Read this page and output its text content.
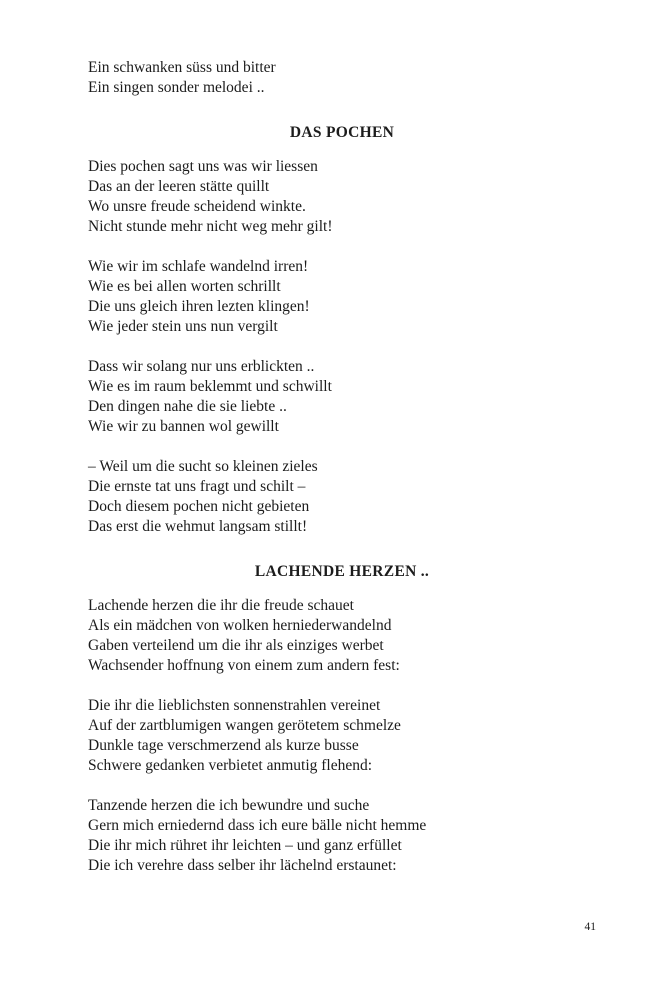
Ein schwanken süss und bitter

Ein singen sonder melodei ..

DAS POCHEN

Dies pochen sagt uns was wir liessen

Das an der leeren stätte quillt

Wo unsre freude scheidend winkte.

Nicht stunde mehr nicht weg mehr gilt!

Wie wir im schlafe wandelnd irren!

Wie es bei allen worten schrillt

Die uns gleich ihren lezten klingen!

Wie jeder stein uns nun vergilt

Dass wir solang nur uns erblickten ..

Wie es im raum beklemmt und schwillt

Den dingen nahe die sie liebte ..

Wie wir zu bannen wol gewillt

– Weil um die sucht so kleinen zieles

Die ernste tat uns fragt und schilt –

Doch diesem pochen nicht gebieten

Das erst die wehmut langsam stillt!

LACHENDE HERZEN ..

Lachende herzen die ihr die freude schauet

Als ein mädchen von wolken herniederwandelnd

Gaben verteilend um die ihr als einziges werbet

Wachsender hoffnung von einem zum andern fest:

Die ihr die lieblichsten sonnenstrahlen vereinet

Auf der zartblumigen wangen gerötetem schmelze

Dunkle tage verschmerzend als kurze busse

Schwere gedanken verbietet anmutig flehend:

Tanzende herzen die ich bewundre und suche

Gern mich erniedernd dass ich eure bälle nicht hemme

Die ihr mich rühret ihr leichten – und ganz erfüllet

Die ich verehre dass selber ihr lächelnd erstaunet:

41
